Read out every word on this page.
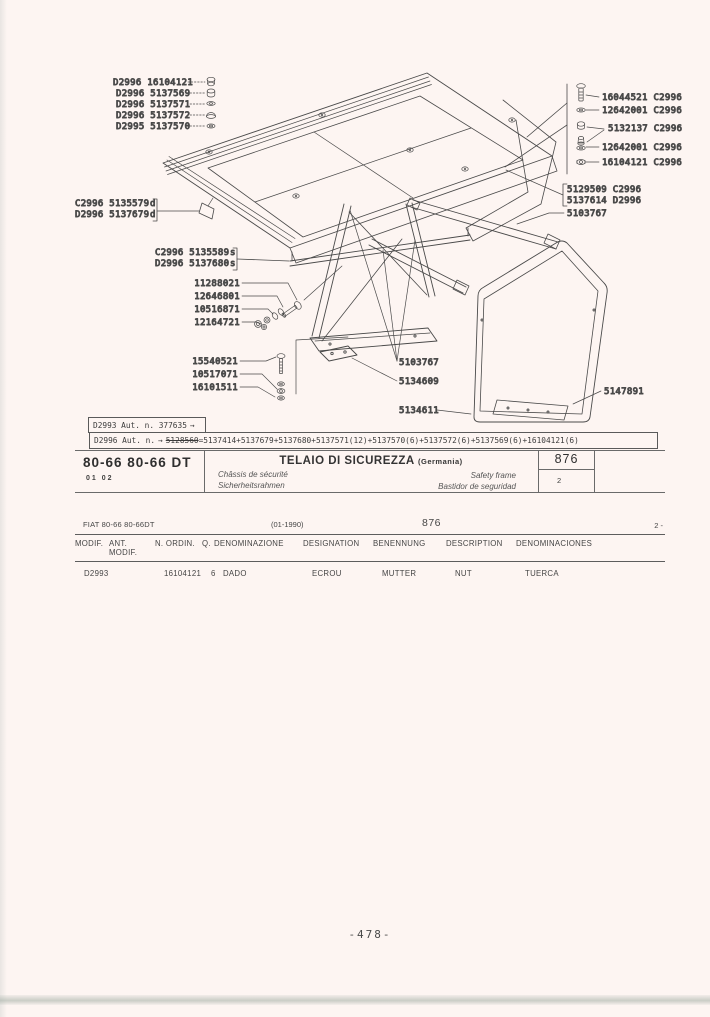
D2996 16104121
D2996 5137569
D2996 5137571
D2996 5137572
D2995 5137570
16044521 C2996
12642001 C2996
5132137 C2996
12642001 C2996
16104121 C2996
C2996 5135579
D2996 5137679
d
d
C2996 5135589
D2996 5137680
s
s
11288021
12646801
10516871
12164721
15540521
10517071
16101511
5103767
5134609
5134611
5129509 C2996
5137614 D2996
5103767
5147891
D2993 Aut. n. 377635 →
D2996 Aut. n. → 5128560 =5137414+5137679+5137680+5137571(12)+5137570(6)+5137572(6)+5137569(6)+16104121(6)
80-66 80-66 DT
01 02
TELAIO DI SICUREZZA (Germania)
Châssis de sécurité
Sicherheitsrahmen
Safety frame
Bastidor de seguridad
876
2
FIAT 80-66 80-66DT	(01-1990)	876	2 -
MODIF. ANT. MODIF.
N. ORDIN. Q. DENOMINAZIONE	DESIGNATION	BENENNUNG	DESCRIPTION	DENOMINACIONES
D2993	16104121	6 DADO	ECROU	MUTTER	NUT	TUERCA
-478-
